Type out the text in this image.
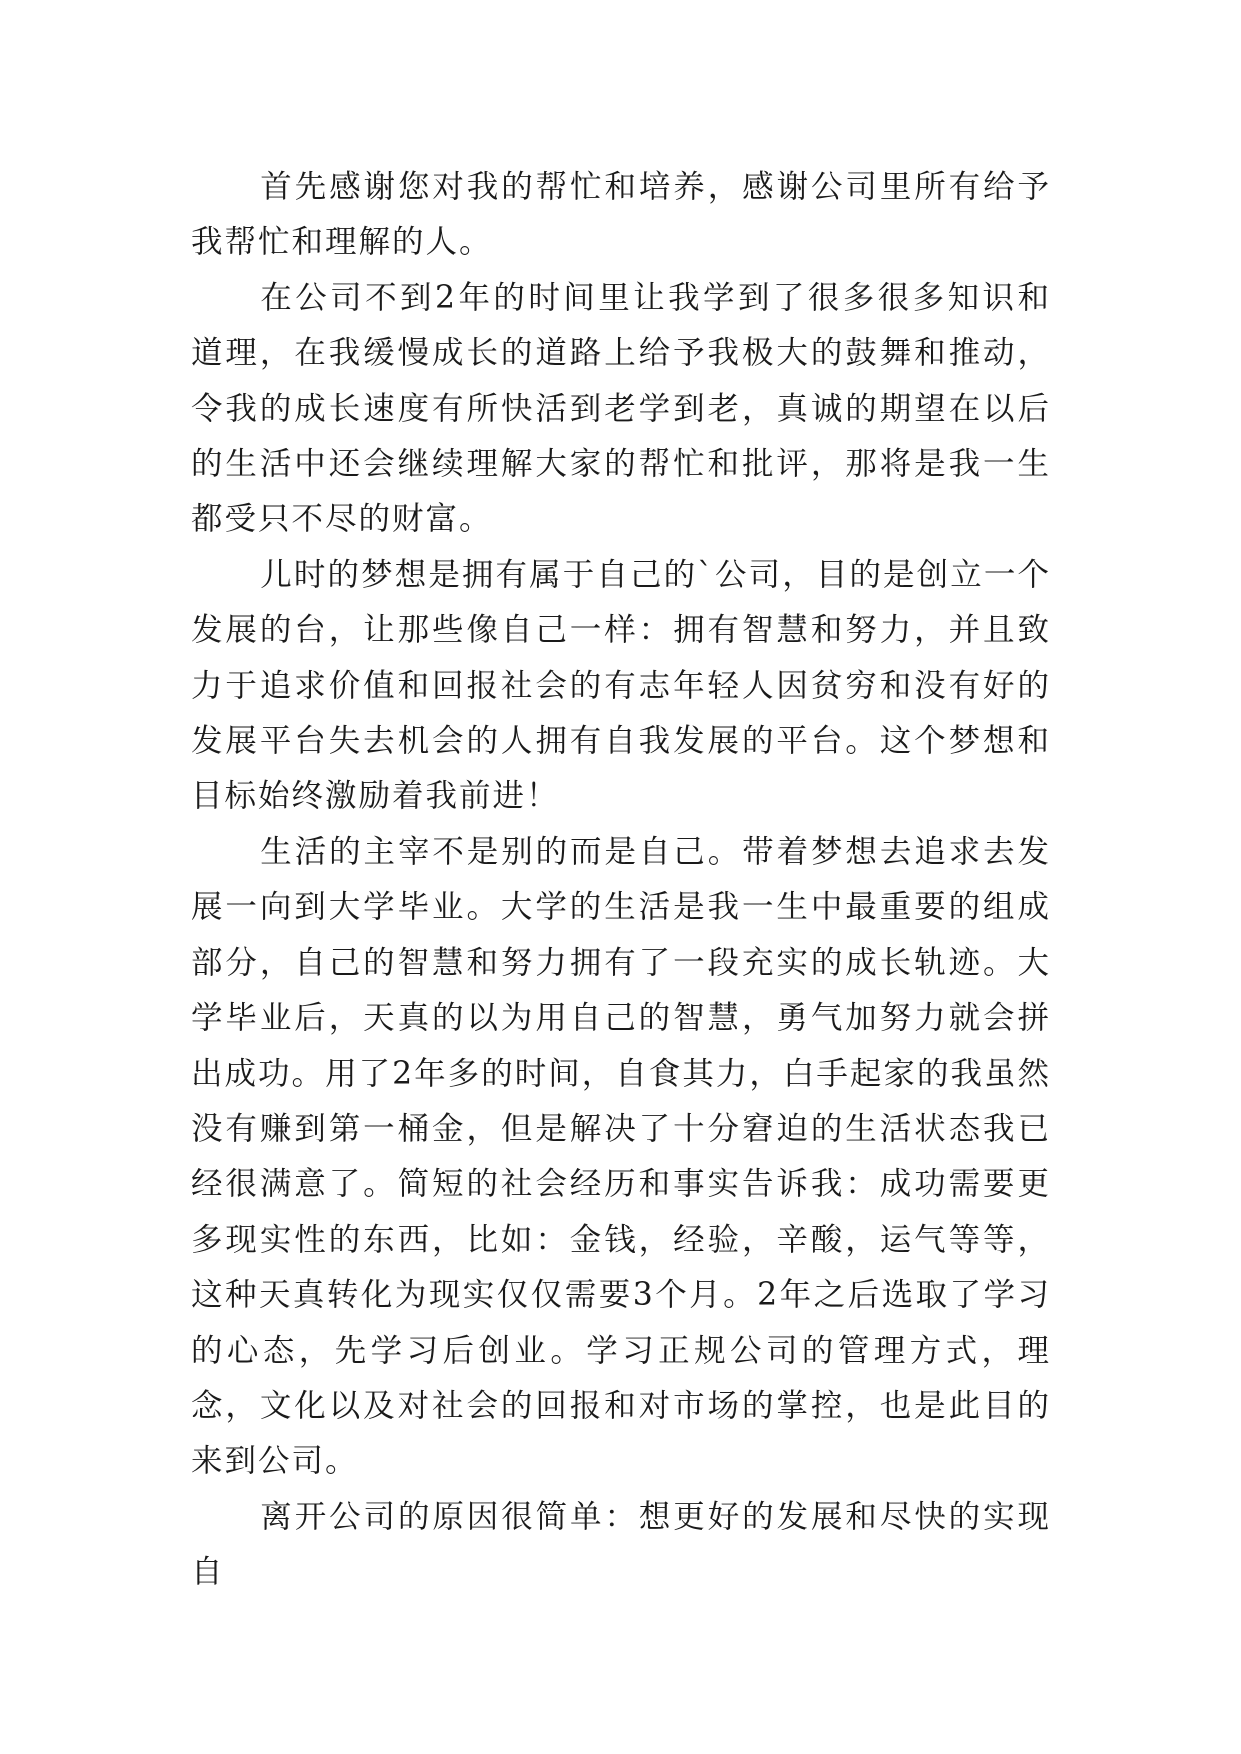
首先感谢您对我的帮忙和培养，感谢公司里所有给予我帮忙和理解的人。

在公司不到2年的时间里让我学到了很多很多知识和道理，在我缓慢成长的道路上给予我极大的鼓舞和推动，令我的成长速度有所快活到老学到老，真诚的期望在以后的生活中还会继续理解大家的帮忙和批评，那将是我一生都受只不尽的财富。

儿时的梦想是拥有属于自己的`公司，目的是创立一个发展的台，让那些像自己一样：拥有智慧和努力，并且致力于追求价值和回报社会的有志年轻人因贫穷和没有好的发展平台失去机会的人拥有自我发展的平台。这个梦想和目标始终激励着我前进！

生活的主宰不是别的而是自己。带着梦想去追求去发展一向到大学毕业。大学的生活是我一生中最重要的组成部分，自己的智慧和努力拥有了一段充实的成长轨迹。大学毕业后，天真的以为用自己的智慧，勇气加努力就会拼出成功。用了2年多的时间，自食其力，白手起家的我虽然没有赚到第一桶金，但是解决了十分窘迫的生活状态我已经很满意了。简短的社会经历和事实告诉我：成功需要更多现实性的东西，比如：金钱，经验，辛酸，运气等等，这种天真转化为现实仅仅需要3个月。2年之后选取了学习的心态，先学习后创业。学习正规公司的管理方式，理念，文化以及对社会的回报和对市场的掌控，也是此目的来到公司。

离开公司的原因很简单：想更好的发展和尽快的实现自
